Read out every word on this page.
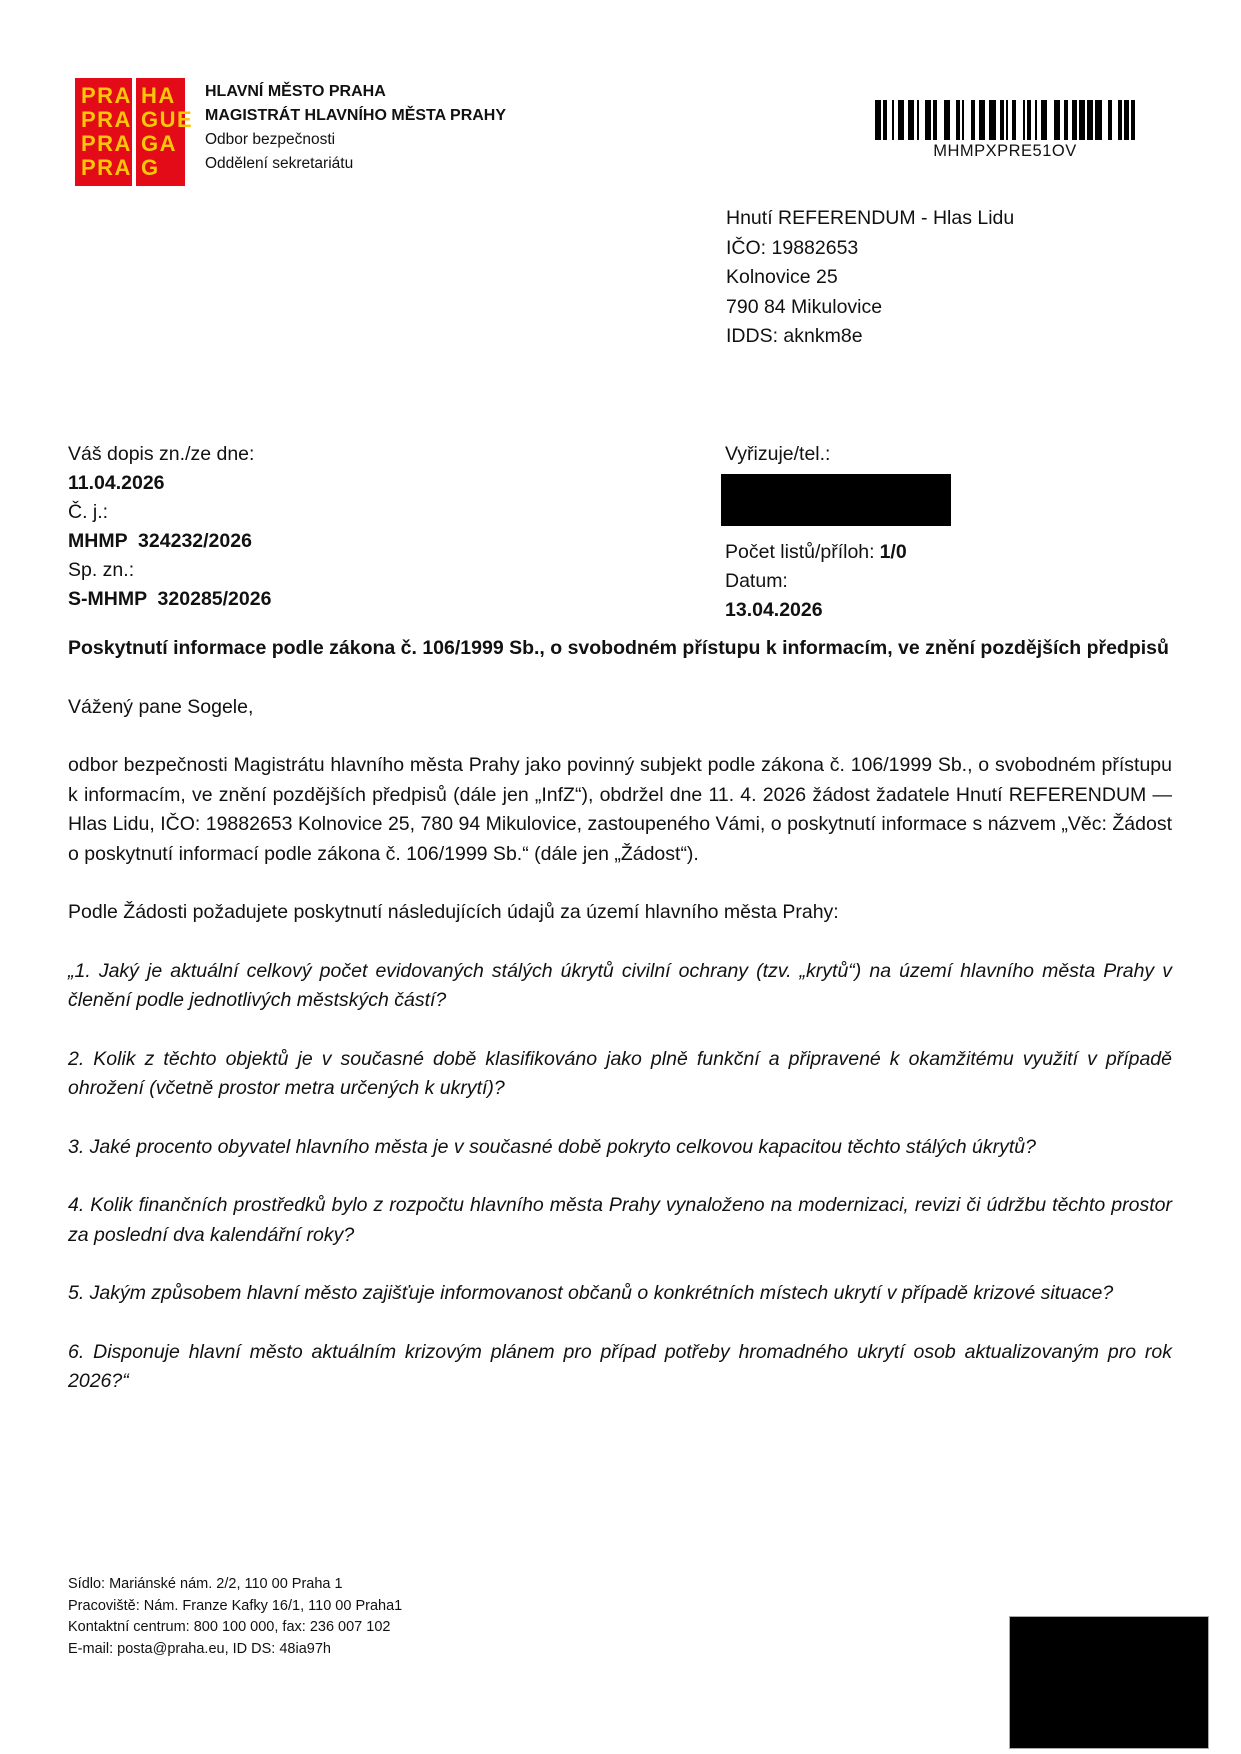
PRA
PRA
PRA
PRA
HA
GUE
GA
G
HLAVNÍ MĚSTO PRAHA
MAGISTRÁT HLAVNÍHO MĚSTA PRAHY
Odbor bezpečnosti
Oddělení sekretariátu
MHMPXPRE51OV
Hnutí REFERENDUM - Hlas Lidu
IČO: 19882653
Kolnovice 25
790 84 Mikulovice
IDDS: aknkm8e
Váš dopis zn./ze dne:
11.04.2026
Č. j.:
MHMP  324232/2026
Sp. zn.:
S-MHMP  320285/2026
Vyřizuje/tel.:
Počet listů/příloh: 1/0
Datum:
13.04.2026

Poskytnutí informace podle zákona č. 106/1999 Sb., o svobodném přístupu k informacím, ve znění pozdějších předpisů

Vážený pane Sogele,

odbor bezpečnosti Magistrátu hlavního města Prahy jako povinný subjekt podle zákona č. 106/1999 Sb., o svobodném přístupu k informacím, ve znění pozdějších předpisů (dále jen „InfZ“), obdržel dne 11. 4. 2026 žádost žadatele Hnutí REFERENDUM — Hlas Lidu, IČO: 19882653 Kolnovice 25, 780 94 Mikulovice, zastoupeného Vámi, o poskytnutí informace s názvem „Věc: Žádost o poskytnutí informací podle zákona č. 106/1999 Sb.“ (dále jen „Žádost“).

Podle Žádosti požadujete poskytnutí následujících údajů za území hlavního města Prahy:

„1. Jaký je aktuální celkový počet evidovaných stálých úkrytů civilní ochrany (tzv. „krytů“) na území hlavního města Prahy v členění podle jednotlivých městských částí?

2. Kolik z těchto objektů je v současné době klasifikováno jako plně funkční a připravené k okamžitému využití v případě ohrožení (včetně prostor metra určených k ukrytí)?

3. Jaké procento obyvatel hlavního města je v současné době pokryto celkovou kapacitou těchto stálých úkrytů?

4. Kolik finančních prostředků bylo z rozpočtu hlavního města Prahy vynaloženo na modernizaci, revizi či údržbu těchto prostor za poslední dva kalendářní roky?

5. Jakým způsobem hlavní město zajišťuje informovanost občanů o konkrétních místech ukrytí v případě krizové situace?

6. Disponuje hlavní město aktuálním krizovým plánem pro případ potřeby hromadného ukrytí osob aktualizovaným pro rok 2026?“

Sídlo: Mariánské nám. 2/2, 110 00 Praha 1
Pracoviště: Nám. Franze Kafky 16/1, 110 00 Praha1
Kontaktní centrum: 800 100 000, fax: 236 007 102
E-mail: posta@praha.eu, ID DS: 48ia97h
